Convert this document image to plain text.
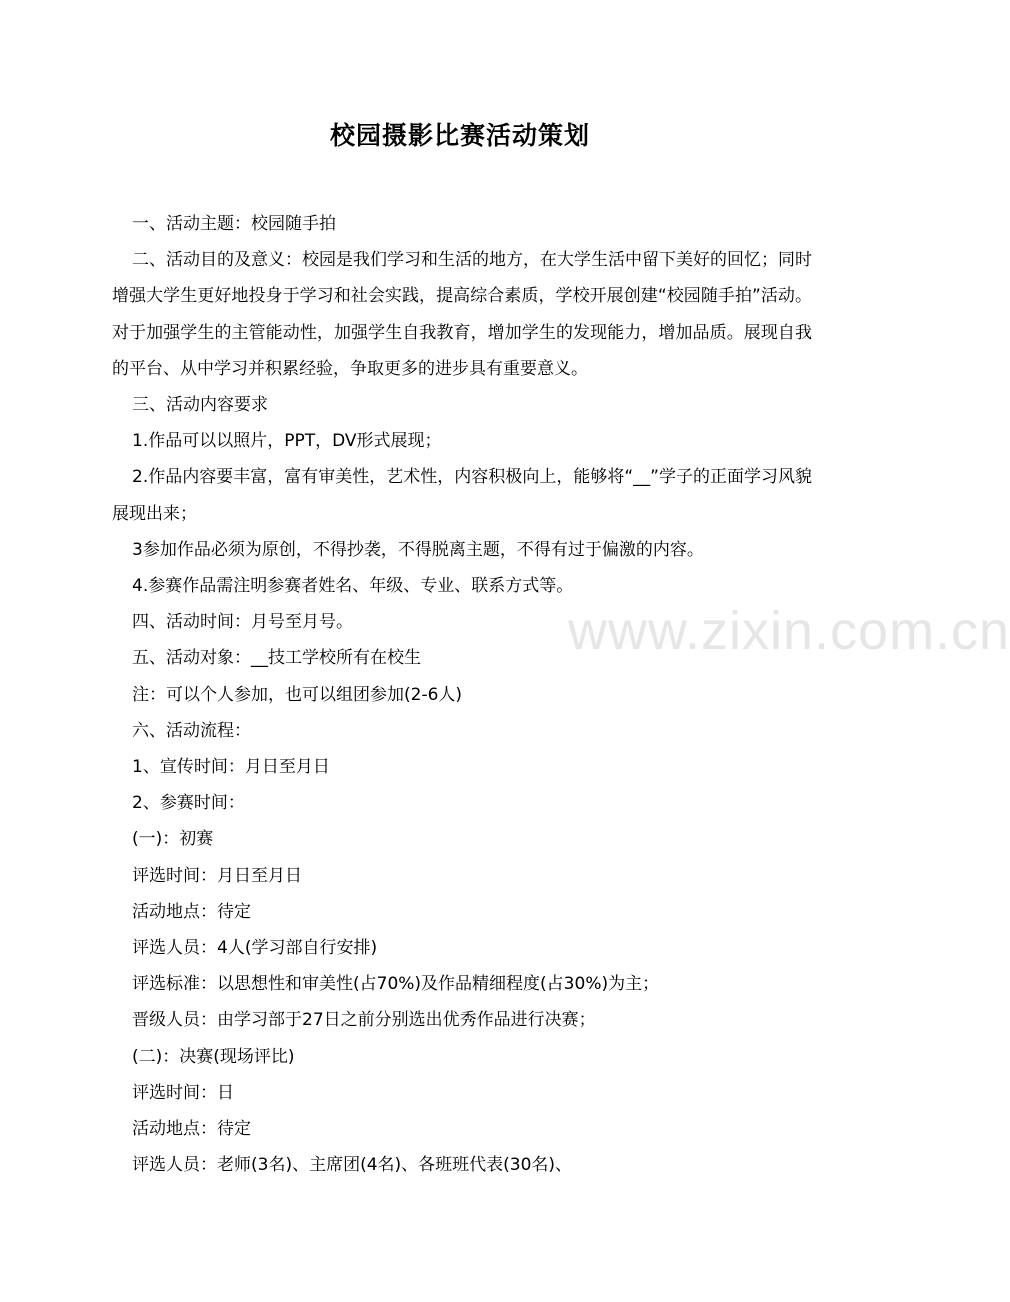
校园摄影比赛活动策划

一、活动主题：校园随手拍

二、活动目的及意义：校园是我们学习和生活的地方，在大学生活中留下美好的回忆；同时增强大学生更好地投身于学习和社会实践，提高综合素质，学校开展创建“校园随手拍”活动。对于加强学生的主管能动性，加强学生自我教育，增加学生的发现能力，增加品质。展现自我的平台、从中学习并积累经验，争取更多的进步具有重要意义。

三、活动内容要求

1.作品可以以照片，PPT，DV形式展现；

2.作品内容要丰富，富有审美性，艺术性，内容积极向上，能够将“__”学子的正面学习风貌展现出来；

3参加作品必须为原创，不得抄袭，不得脱离主题，不得有过于偏激的内容。

4.参赛作品需注明参赛者姓名、年级、专业、联系方式等。

四、活动时间：月号至月号。

五、活动对象：__技工学校所有在校生

注：可以个人参加，也可以组团参加(2-6人)

六、活动流程：

1、宣传时间：月日至月日

2、参赛时间：

(一)：初赛

评选时间：月日至月日

活动地点：待定

评选人员：4人(学习部自行安排)

评选标准：以思想性和审美性(占70%)及作品精细程度(占30%)为主；

晋级人员：由学习部于27日之前分别选出优秀作品进行决赛；

(二)：决赛(现场评比)

评选时间：日

活动地点：待定

评选人员：老师(3名)、主席团(4名)、各班班代表(30名)、

www.zixin.com.cn
